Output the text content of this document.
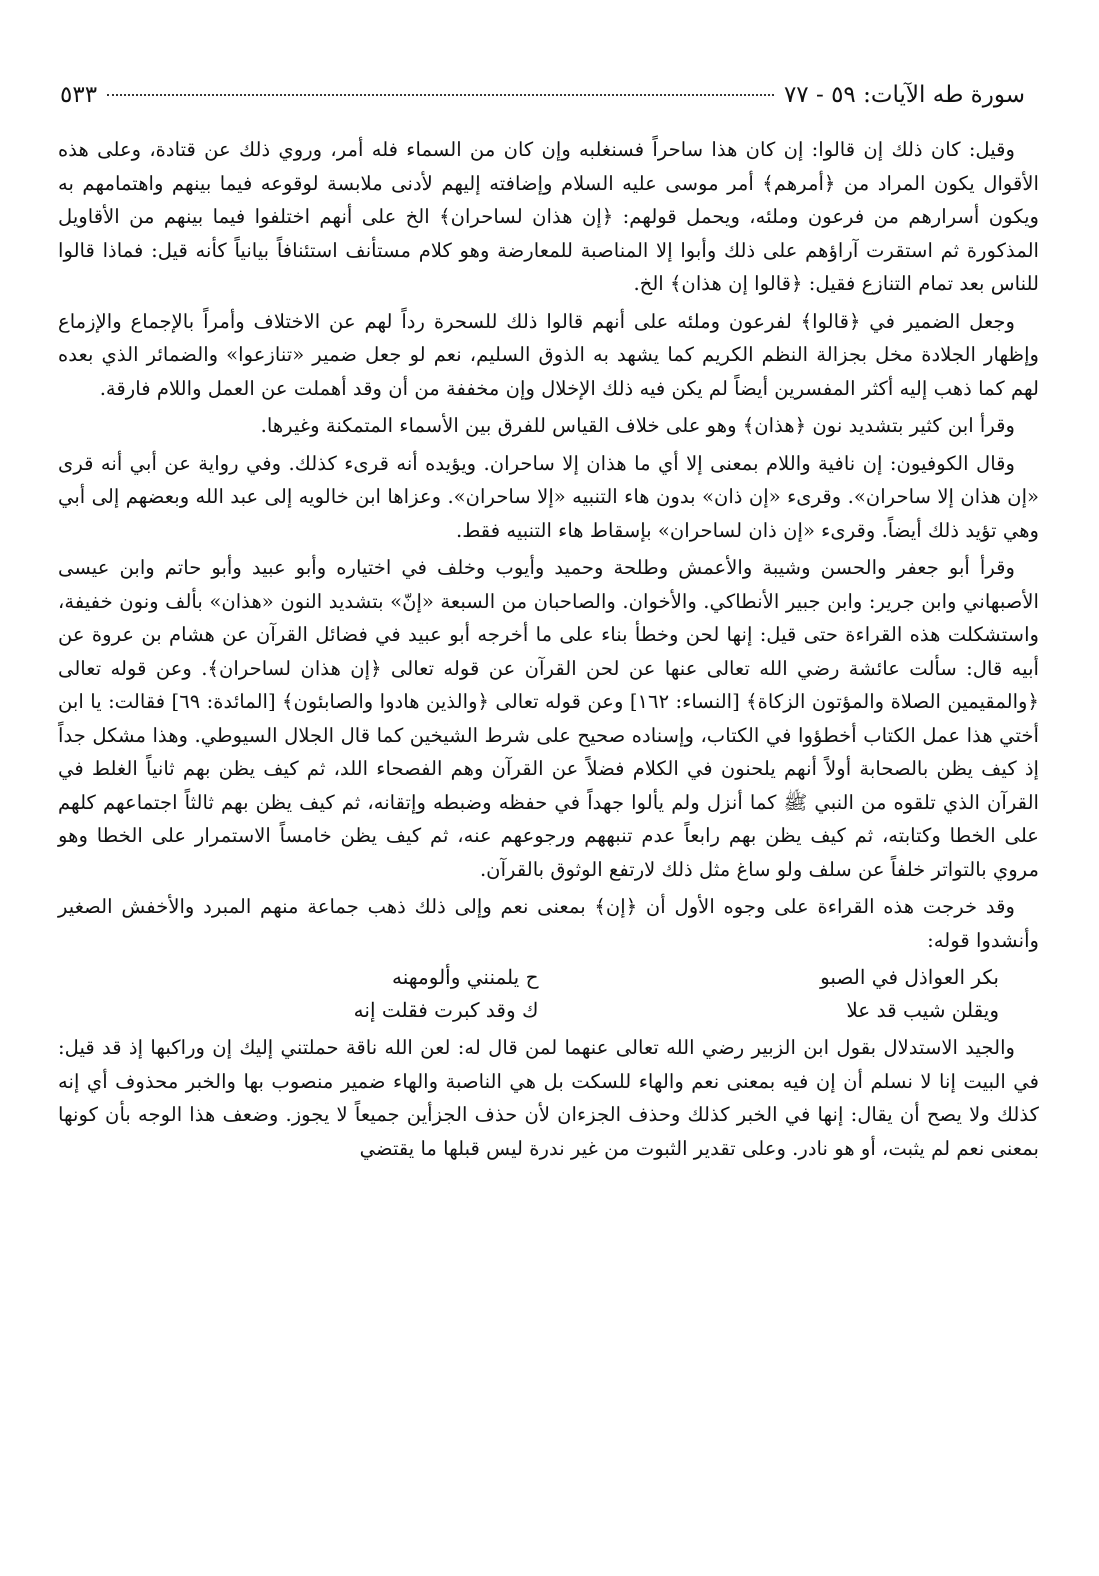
سورة طه الآيات: ٥٩ - ٧٧
٥٣٣

وقيل: كان ذلك إن قالوا: إن كان هذا ساحراً فسنغلبه وإن كان من السماء فله أمر، وروي ذلك عن قتادة، وعلى هذه الأقوال يكون المراد من ﴿أمرهم﴾ أمر موسى عليه السلام وإضافته إليهم لأدنى ملابسة لوقوعه فيما بينهم واهتمامهم به ويكون أسرارهم من فرعون وملئه، ويحمل قولهم: ﴿إن هذان لساحران﴾ الخ على أنهم اختلفوا فيما بينهم من الأقاويل المذكورة ثم استقرت آراؤهم على ذلك وأبوا إلا المناصبة للمعارضة وهو كلام مستأنف استئنافاً بيانياً كأنه قيل: فماذا قالوا للناس بعد تمام التنازع فقيل: ﴿قالوا إن هذان﴾ الخ.

وجعل الضمير في ﴿قالوا﴾ لفرعون وملئه على أنهم قالوا ذلك للسحرة رداً لهم عن الاختلاف وأمراً بالإجماع والإزماع وإظهار الجلادة مخل بجزالة النظم الكريم كما يشهد به الذوق السليم، نعم لو جعل ضمير «تنازعوا» والضمائر الذي بعده لهم كما ذهب إليه أكثر المفسرين أيضاً لم يكن فيه ذلك الإخلال وإن مخففة من أن وقد أهملت عن العمل واللام فارقة.

وقرأ ابن كثير بتشديد نون ﴿هذان﴾ وهو على خلاف القياس للفرق بين الأسماء المتمكنة وغيرها.

وقال الكوفيون: إن نافية واللام بمعنى إلا أي ما هذان إلا ساحران. ويؤيده أنه قرىء كذلك. وفي رواية عن أبي أنه قرى «إن هذان إلا ساحران». وقرىء «إن ذان» بدون هاء التنبيه «إلا ساحران». وعزاها ابن خالويه إلى عبد الله وبعضهم إلى أبي وهي تؤيد ذلك أيضاً. وقرىء «إن ذان لساحران» بإسقاط هاء التنبيه فقط.

وقرأ أبو جعفر والحسن وشيبة والأعمش وطلحة وحميد وأيوب وخلف في اختياره وأبو عبيد وأبو حاتم وابن عيسى الأصبهاني وابن جرير: وابن جبير الأنطاكي. والأخوان. والصاحبان من السبعة «إنّ» بتشديد النون «هذان» بألف ونون خفيفة، واستشكلت هذه القراءة حتى قيل: إنها لحن وخطأ بناء على ما أخرجه أبو عبيد في فضائل القرآن عن هشام بن عروة عن أبيه قال: سألت عائشة رضي الله تعالى عنها عن لحن القرآن عن قوله تعالى ﴿إن هذان لساحران﴾. وعن قوله تعالى ﴿والمقيمين الصلاة والمؤتون الزكاة﴾ [النساء: ١٦٢] وعن قوله تعالى ﴿والذين هادوا والصابئون﴾ [المائدة: ٦٩] فقالت: يا ابن أختي هذا عمل الكتاب أخطؤوا في الكتاب، وإسناده صحيح على شرط الشيخين كما قال الجلال السيوطي. وهذا مشكل جداً إذ كيف يظن بالصحابة أولاً أنهم يلحنون في الكلام فضلاً عن القرآن وهم الفصحاء اللد، ثم كيف يظن بهم ثانياً الغلط في القرآن الذي تلقوه من النبي ﷺ كما أنزل ولم يألوا جهداً في حفظه وضبطه وإتقانه، ثم كيف يظن بهم ثالثاً اجتماعهم كلهم على الخطا وكتابته، ثم كيف يظن بهم رابعاً عدم تنبههم ورجوعهم عنه، ثم كيف يظن خامساً الاستمرار على الخطا وهو مروي بالتواتر خلفاً عن سلف ولو ساغ مثل ذلك لارتفع الوثوق بالقرآن.

وقد خرجت هذه القراءة على وجوه الأول أن ﴿إن﴾ بمعنى نعم وإلى ذلك ذهب جماعة منهم المبرد والأخفش الصغير وأنشدوا قوله:

بكر العواذل في الصبو
ح يلمنني وألومهنه
ويقلن شيب قد علا
ك وقد كبرت فقلت إنه

والجيد الاستدلال بقول ابن الزبير رضي الله تعالى عنهما لمن قال له: لعن الله ناقة حملتني إليك إن وراكبها إذ قد قيل: في البيت إنا لا نسلم أن إن فيه بمعنى نعم والهاء للسكت بل هي الناصبة والهاء ضمير منصوب بها والخبر محذوف أي إنه كذلك ولا يصح أن يقال: إنها في الخبر كذلك وحذف الجزءان لأن حذف الجزأين جميعاً لا يجوز. وضعف هذا الوجه بأن كونها بمعنى نعم لم يثبت، أو هو نادر. وعلى تقدير الثبوت من غير ندرة ليس قبلها ما يقتضي
